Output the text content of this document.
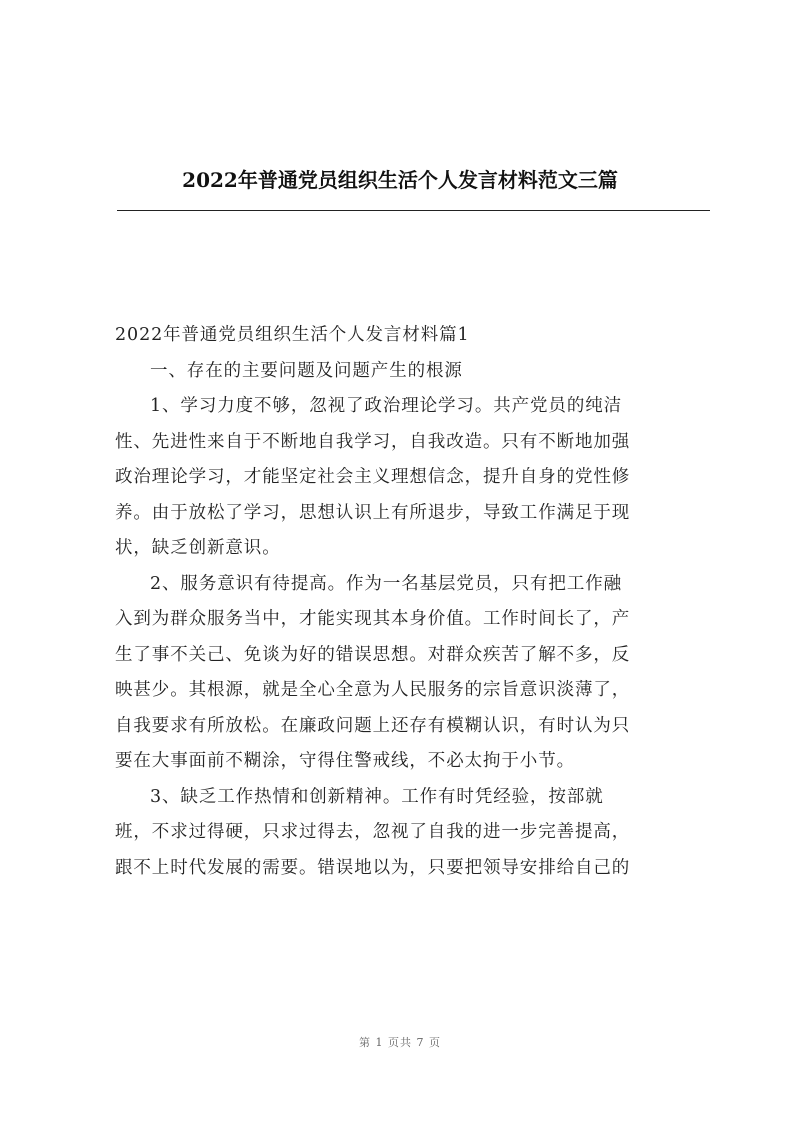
2022年普通党员组织生活个人发言材料范文三篇

2022年普通党员组织生活个人发言材料篇1

一、存在的主要问题及问题产生的根源

1、学习力度不够，忽视了政治理论学习。共产党员的纯洁

性、先进性来自于不断地自我学习，自我改造。只有不断地加强

政治理论学习，才能坚定社会主义理想信念，提升自身的党性修

养。由于放松了学习，思想认识上有所退步，导致工作满足于现

状，缺乏创新意识。

2、服务意识有待提高。作为一名基层党员，只有把工作融

入到为群众服务当中，才能实现其本身价值。工作时间长了，产

生了事不关己、免谈为好的错误思想。对群众疾苦了解不多，反

映甚少。其根源，就是全心全意为人民服务的宗旨意识淡薄了，

自我要求有所放松。在廉政问题上还存有模糊认识，有时认为只

要在大事面前不糊涂，守得住警戒线，不必太拘于小节。

3、缺乏工作热情和创新精神。工作有时凭经验，按部就

班，不求过得硬，只求过得去，忽视了自我的进一步完善提高，

跟不上时代发展的需要。错误地以为，只要把领导安排给自己的

第 1 页共 7 页
